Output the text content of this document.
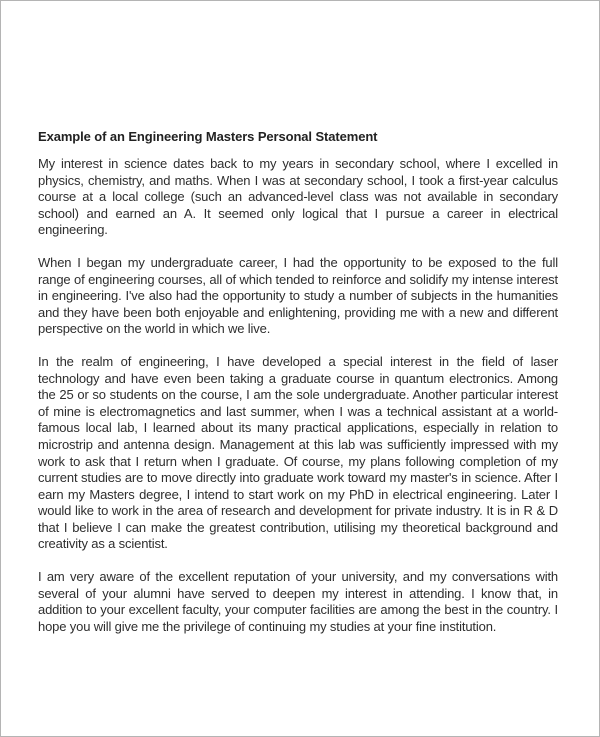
Example of an Engineering Masters Personal Statement
My interest in science dates back to my years in secondary school, where I excelled in
physics, chemistry, and maths. When I was at secondary school, I took a first-year calculus
course at a local college (such an advanced-level class was not available in secondary
school) and earned an A. It seemed only logical that I pursue a career in electrical
engineering.
When I began my undergraduate career, I had the opportunity to be exposed to the full
range of engineering courses, all of which tended to reinforce and solidify my intense interest
in engineering. I've also had the opportunity to study a number of subjects in the humanities
and they have been both enjoyable and enlightening, providing me with a new and different
perspective on the world in which we live.
In the realm of engineering, I have developed a special interest in the field of laser
technology and have even been taking a graduate course in quantum electronics. Among
the 25 or so students on the course, I am the sole undergraduate. Another particular interest
of mine is electromagnetics and last summer, when I was a technical assistant at a world-
famous local lab, I learned about its many practical applications, especially in relation to
microstrip and antenna design. Management at this lab was sufficiently impressed with my
work to ask that I return when I graduate. Of course, my plans following completion of my
current studies are to move directly into graduate work toward my master's in science. After I
earn my Masters degree, I intend to start work on my PhD in electrical engineering. Later I
would like to work in the area of research and development for private industry. It is in R & D
that I believe I can make the greatest contribution, utilising my theoretical background and
creativity as a scientist.
I am very aware of the excellent reputation of your university, and my conversations with
several of your alumni have served to deepen my interest in attending. I know that, in
addition to your excellent faculty, your computer facilities are among the best in the country. I
hope you will give me the privilege of continuing my studies at your fine institution.
